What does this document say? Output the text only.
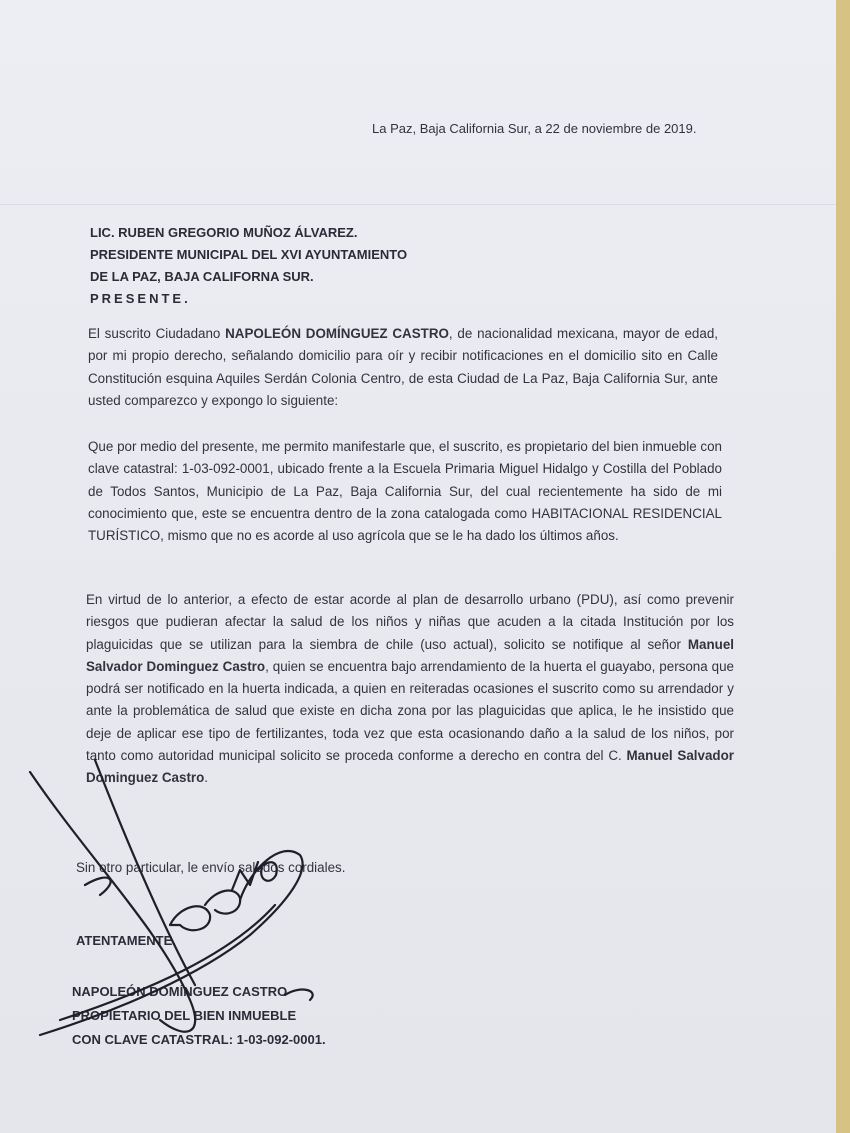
La Paz, Baja California Sur, a 22 de noviembre de 2019.
LIC. RUBEN GREGORIO MUÑOZ ÁLVAREZ.
PRESIDENTE MUNICIPAL DEL XVI AYUNTAMIENTO
DE LA PAZ, BAJA CALIFORNA SUR.
PRESENTE.
El suscrito Ciudadano NAPOLEÓN DOMÍNGUEZ CASTRO, de nacionalidad mexicana, mayor de edad, por mi propio derecho, señalando domicilio para oír y recibir notificaciones en el domicilio sito en Calle Constitución esquina Aquiles Serdán Colonia Centro, de esta Ciudad de La Paz, Baja California Sur, ante usted comparezco y expongo lo siguiente:
Que por medio del presente, me permito manifestarle que, el suscrito, es propietario del bien inmueble con clave catastral: 1-03-092-0001, ubicado frente a la Escuela Primaria Miguel Hidalgo y Costilla del Poblado de Todos Santos, Municipio de La Paz, Baja California Sur, del cual recientemente ha sido de mi conocimiento que, este se encuentra dentro de la zona catalogada como HABITACIONAL RESIDENCIAL TURÍSTICO, mismo que no es acorde al uso agrícola que se le ha dado los últimos años.
En virtud de lo anterior, a efecto de estar acorde al plan de desarrollo urbano (PDU), así como prevenir riesgos que pudieran afectar la salud de los niños y niñas que acuden a la citada Institución por los plaguicidas que se utilizan para la siembra de chile (uso actual), solicito se notifique al señor Manuel Salvador Dominguez Castro, quien se encuentra bajo arrendamiento de la huerta el guayabo, persona que podrá ser notificado en la huerta indicada, a quien en reiteradas ocasiones el suscrito como su arrendador y ante la problemática de salud que existe en dicha zona por las plaguicidas que aplica, le he insistido que deje de aplicar ese tipo de fertilizantes, toda vez que esta ocasionando daño a la salud de los niños, por tanto como autoridad municipal solicito se proceda conforme a derecho en contra del C. Manuel Salvador Dominguez Castro.
Sin otro particular, le envío saludos cordiales.
ATENTAMENTE.
NAPOLEÓN DOMÍNGUEZ CASTRO
PROPIETARIO DEL BIEN INMUEBLE
CON CLAVE CATASTRAL: 1-03-092-0001.
